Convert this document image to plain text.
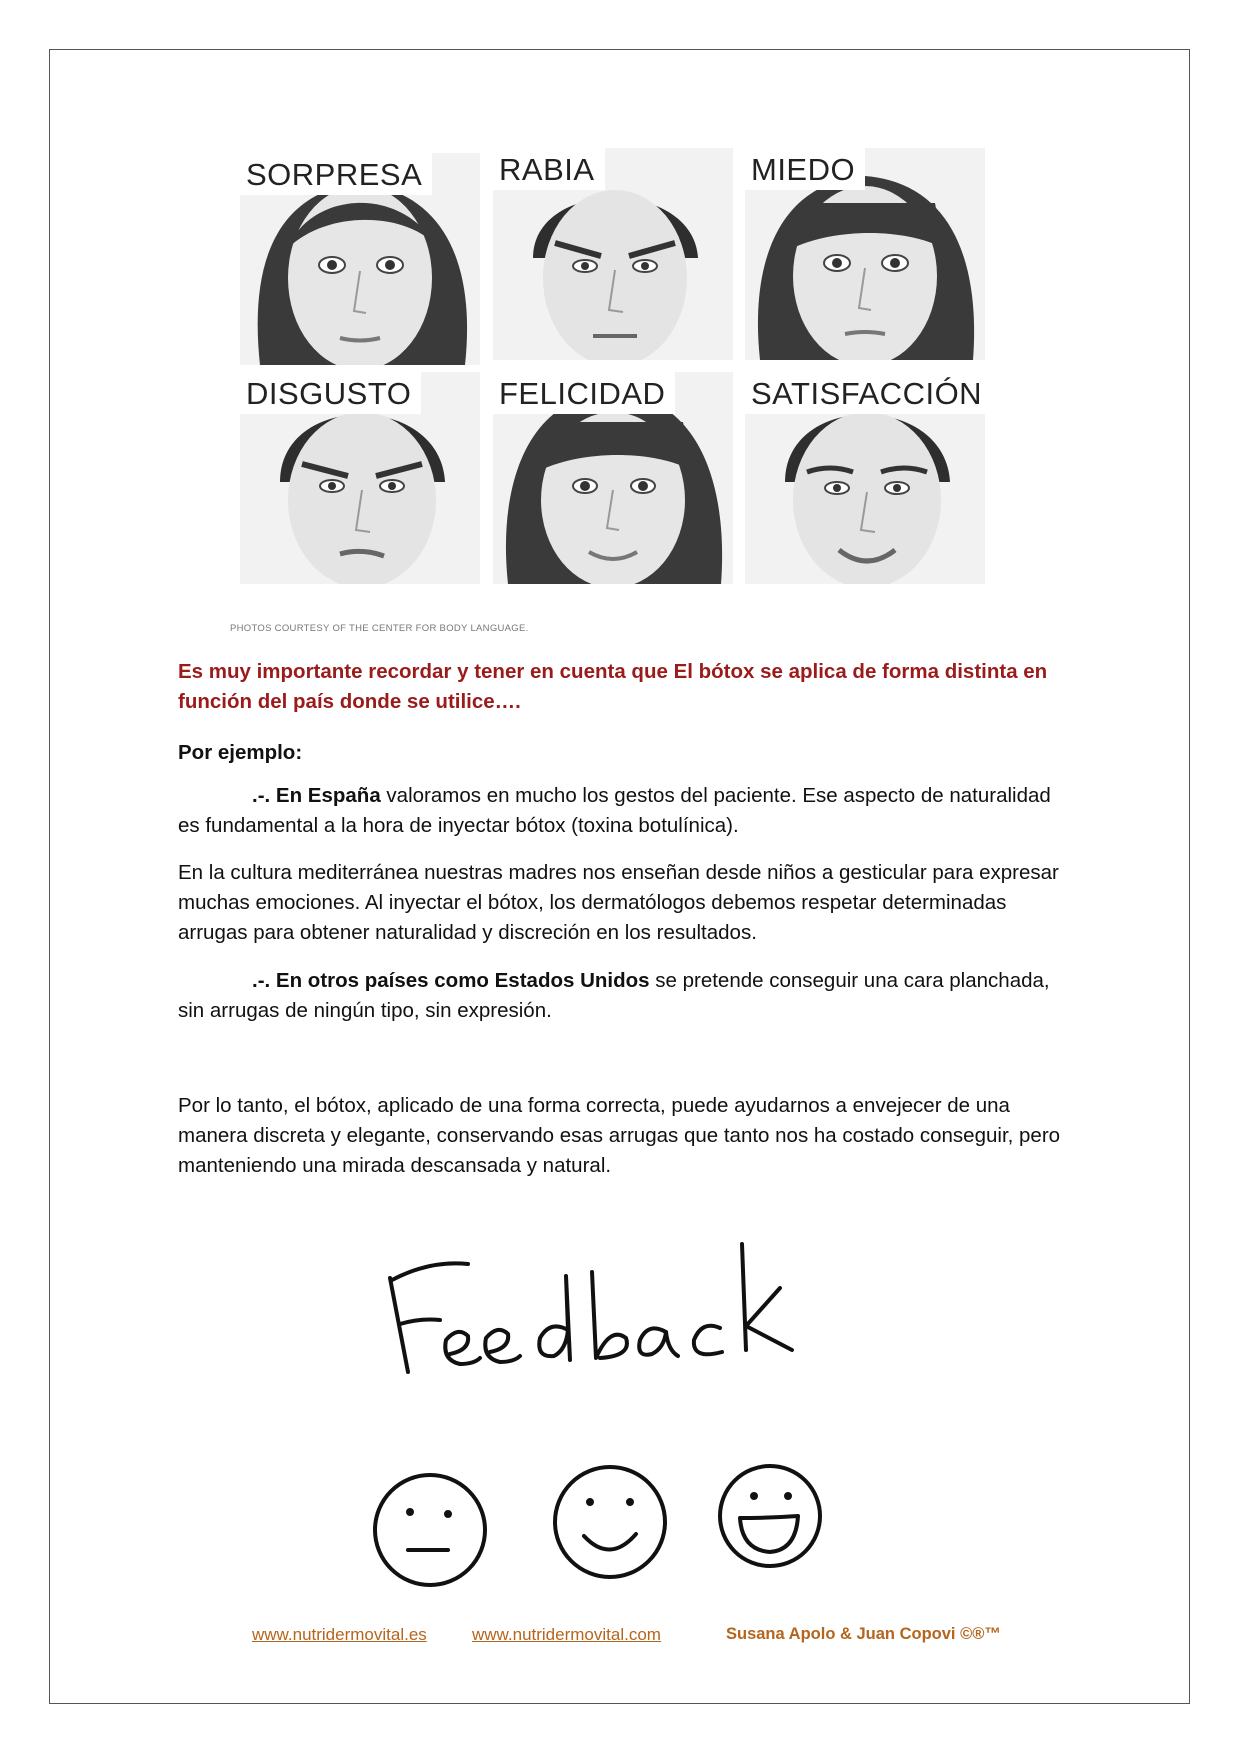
SORPRESA	RABIA	MIEDO
DISGUSTO	FELICIDAD	SATISFACCIÓN
PHOTOS COURTESY OF THE CENTER FOR BODY LANGUAGE.

Es muy importante recordar y tener en cuenta que El bótox se aplica de forma distinta en función del país donde se utilice….

Por ejemplo:

.-. En España valoramos en mucho los gestos del paciente. Ese aspecto de naturalidad es fundamental a la hora de inyectar bótox (toxina botulínica).

En la cultura mediterránea nuestras madres nos enseñan desde niños a gesticular para expresar muchas emociones. Al inyectar el bótox, los dermatólogos debemos respetar determinadas arrugas para obtener naturalidad y discreción en los resultados.

.-. En otros países como Estados Unidos se pretende conseguir una cara planchada, sin arrugas de ningún tipo, sin expresión.

Por lo tanto, el bótox, aplicado de una forma correcta, puede ayudarnos a envejecer de una manera discreta y elegante, conservando esas arrugas que tanto nos ha costado conseguir, pero manteniendo una mirada descansada y natural.

www.nutridermovital.es	www.nutridermovital.com	Susana Apolo & Juan Copovi ©®™
